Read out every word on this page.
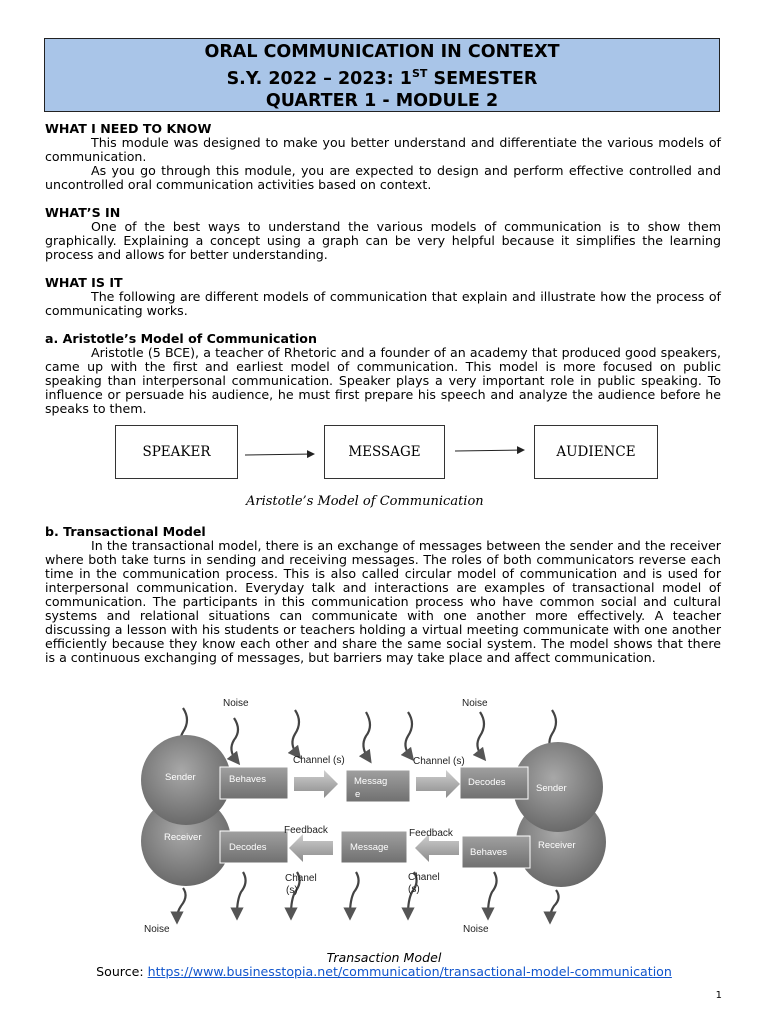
ORAL COMMUNICATION IN CONTEXT
S.Y. 2022 – 2023: 1ST SEMESTER
QUARTER 1 - MODULE 2
WHAT I NEED TO KNOW

This module was designed to make you better understand and differentiate the various models of communication.

As you go through this module, you are expected to design and perform effective controlled and uncontrolled oral communication activities based on context.

WHAT’S IN

One of the best ways to understand the various models of communication is to show them graphically. Explaining a concept using a graph can be very helpful because it simplifies the learning process and allows for better understanding.

WHAT IS IT

The following are different models of communication that explain and illustrate how the process of communicating works.

a. Aristotle’s Model of Communication

Aristotle (5 BCE), a teacher of Rhetoric and a founder of an academy that produced good speakers, came up with the first and earliest model of communication. This model is more focused on public speaking than interpersonal communication. Speaker plays a very important role in public speaking. To influence or persuade his audience, he must first prepare his speech and analyze the audience before he speaks to them.

SPEAKER	MESSAGE	AUDIENCE
Aristotle’s Model of Communication
b. Transactional Model

In the transactional model, there is an exchange of messages between the sender and the receiver where both take turns in sending and receiving messages. The roles of both communicators reverse each time in the communication process. This is also called circular model of communication and is used for interpersonal communication. Everyday talk and interactions are examples of transactional model of communication. The participants in this communication process who have common social and cultural systems and relational situations can communicate with one another more effectively. A teacher discussing a lesson with his students or teachers holding a virtual meeting communicate with one another efficiently because they know each other and share the same social system. The model shows that there is a continuous exchanging of messages, but barriers may take place and affect communication.

Sender
Receiver
Sender
Receiver
Behaves	Messag
e
Decodes
Decodes	Message	Behaves
Noise	Noise
Noise	Noise
Channel (s)	Channel (s)
Feedback	Feedback
Chanel
(s)
Chanel
(s)
Transaction Model
Source: https://www.businesstopia.net/communication/transactional-model-communication
1
